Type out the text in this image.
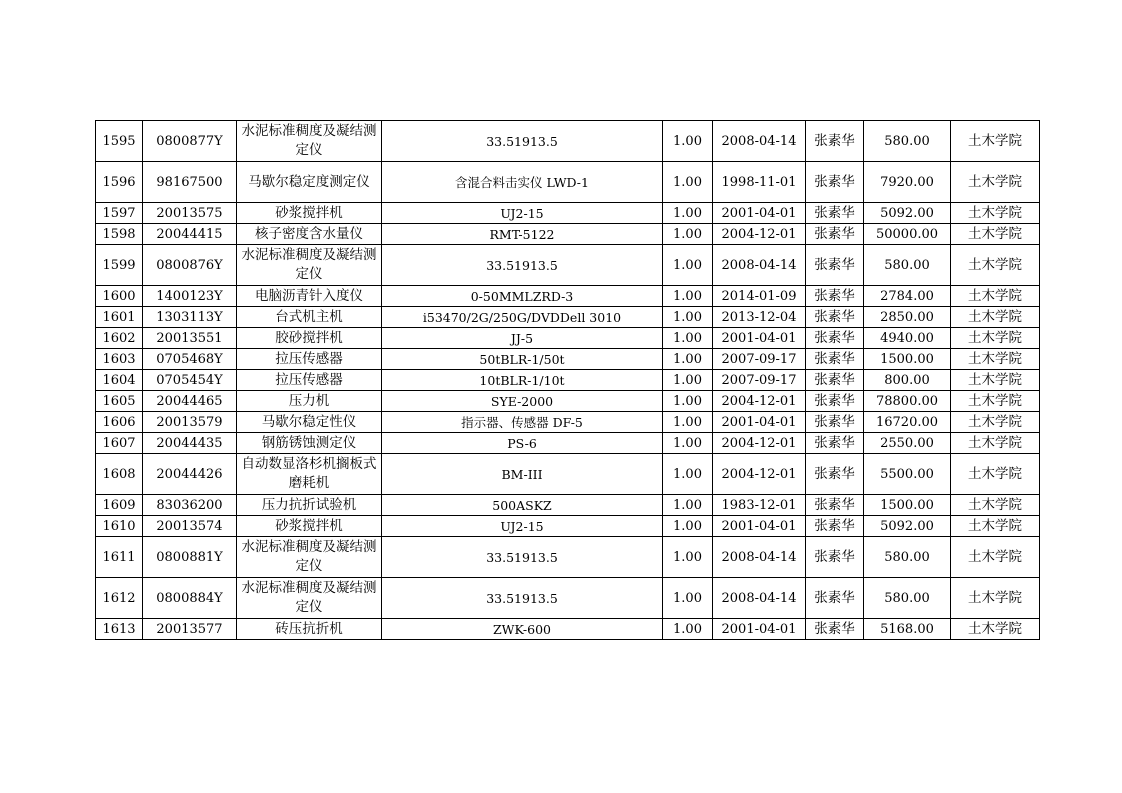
1595	0800877Y	水泥标准稠度及凝结测定仪	33.51913.5	1.00	2008-04-14	张素华	580.00	土木学院
1596	98167500	马歇尔稳定度测定仪	含混合料击实仪 LWD-1	1.00	1998-11-01	张素华	7920.00	土木学院
1597	20013575	砂浆搅拌机	UJ2-15	1.00	2001-04-01	张素华	5092.00	土木学院
1598	20044415	核子密度含水量仪	RMT-5122	1.00	2004-12-01	张素华	50000.00	土木学院
1599	0800876Y	水泥标准稠度及凝结测定仪	33.51913.5	1.00	2008-04-14	张素华	580.00	土木学院
1600	1400123Y	电脑沥青针入度仪	0-50MMLZRD-3	1.00	2014-01-09	张素华	2784.00	土木学院
1601	1303113Y	台式机主机	i53470/2G/250G/DVDDell 3010	1.00	2013-12-04	张素华	2850.00	土木学院
1602	20013551	胶砂搅拌机	JJ-5	1.00	2001-04-01	张素华	4940.00	土木学院
1603	0705468Y	拉压传感器	50tBLR-1/50t	1.00	2007-09-17	张素华	1500.00	土木学院
1604	0705454Y	拉压传感器	10tBLR-1/10t	1.00	2007-09-17	张素华	800.00	土木学院
1605	20044465	压力机	SYE-2000	1.00	2004-12-01	张素华	78800.00	土木学院
1606	20013579	马歇尔稳定性仪	指示器、传感器 DF-5	1.00	2001-04-01	张素华	16720.00	土木学院
1607	20044435	钢筋锈蚀测定仪	PS-6	1.00	2004-12-01	张素华	2550.00	土木学院
1608	20044426	自动数显洛杉机搁板式磨耗机	BM-III	1.00	2004-12-01	张素华	5500.00	土木学院
1609	83036200	压力抗折试验机	500ASKZ	1.00	1983-12-01	张素华	1500.00	土木学院
1610	20013574	砂浆搅拌机	UJ2-15	1.00	2001-04-01	张素华	5092.00	土木学院
1611	0800881Y	水泥标准稠度及凝结测定仪	33.51913.5	1.00	2008-04-14	张素华	580.00	土木学院
1612	0800884Y	水泥标准稠度及凝结测定仪	33.51913.5	1.00	2008-04-14	张素华	580.00	土木学院
1613	20013577	砖压抗折机	ZWK-600	1.00	2001-04-01	张素华	5168.00	土木学院
